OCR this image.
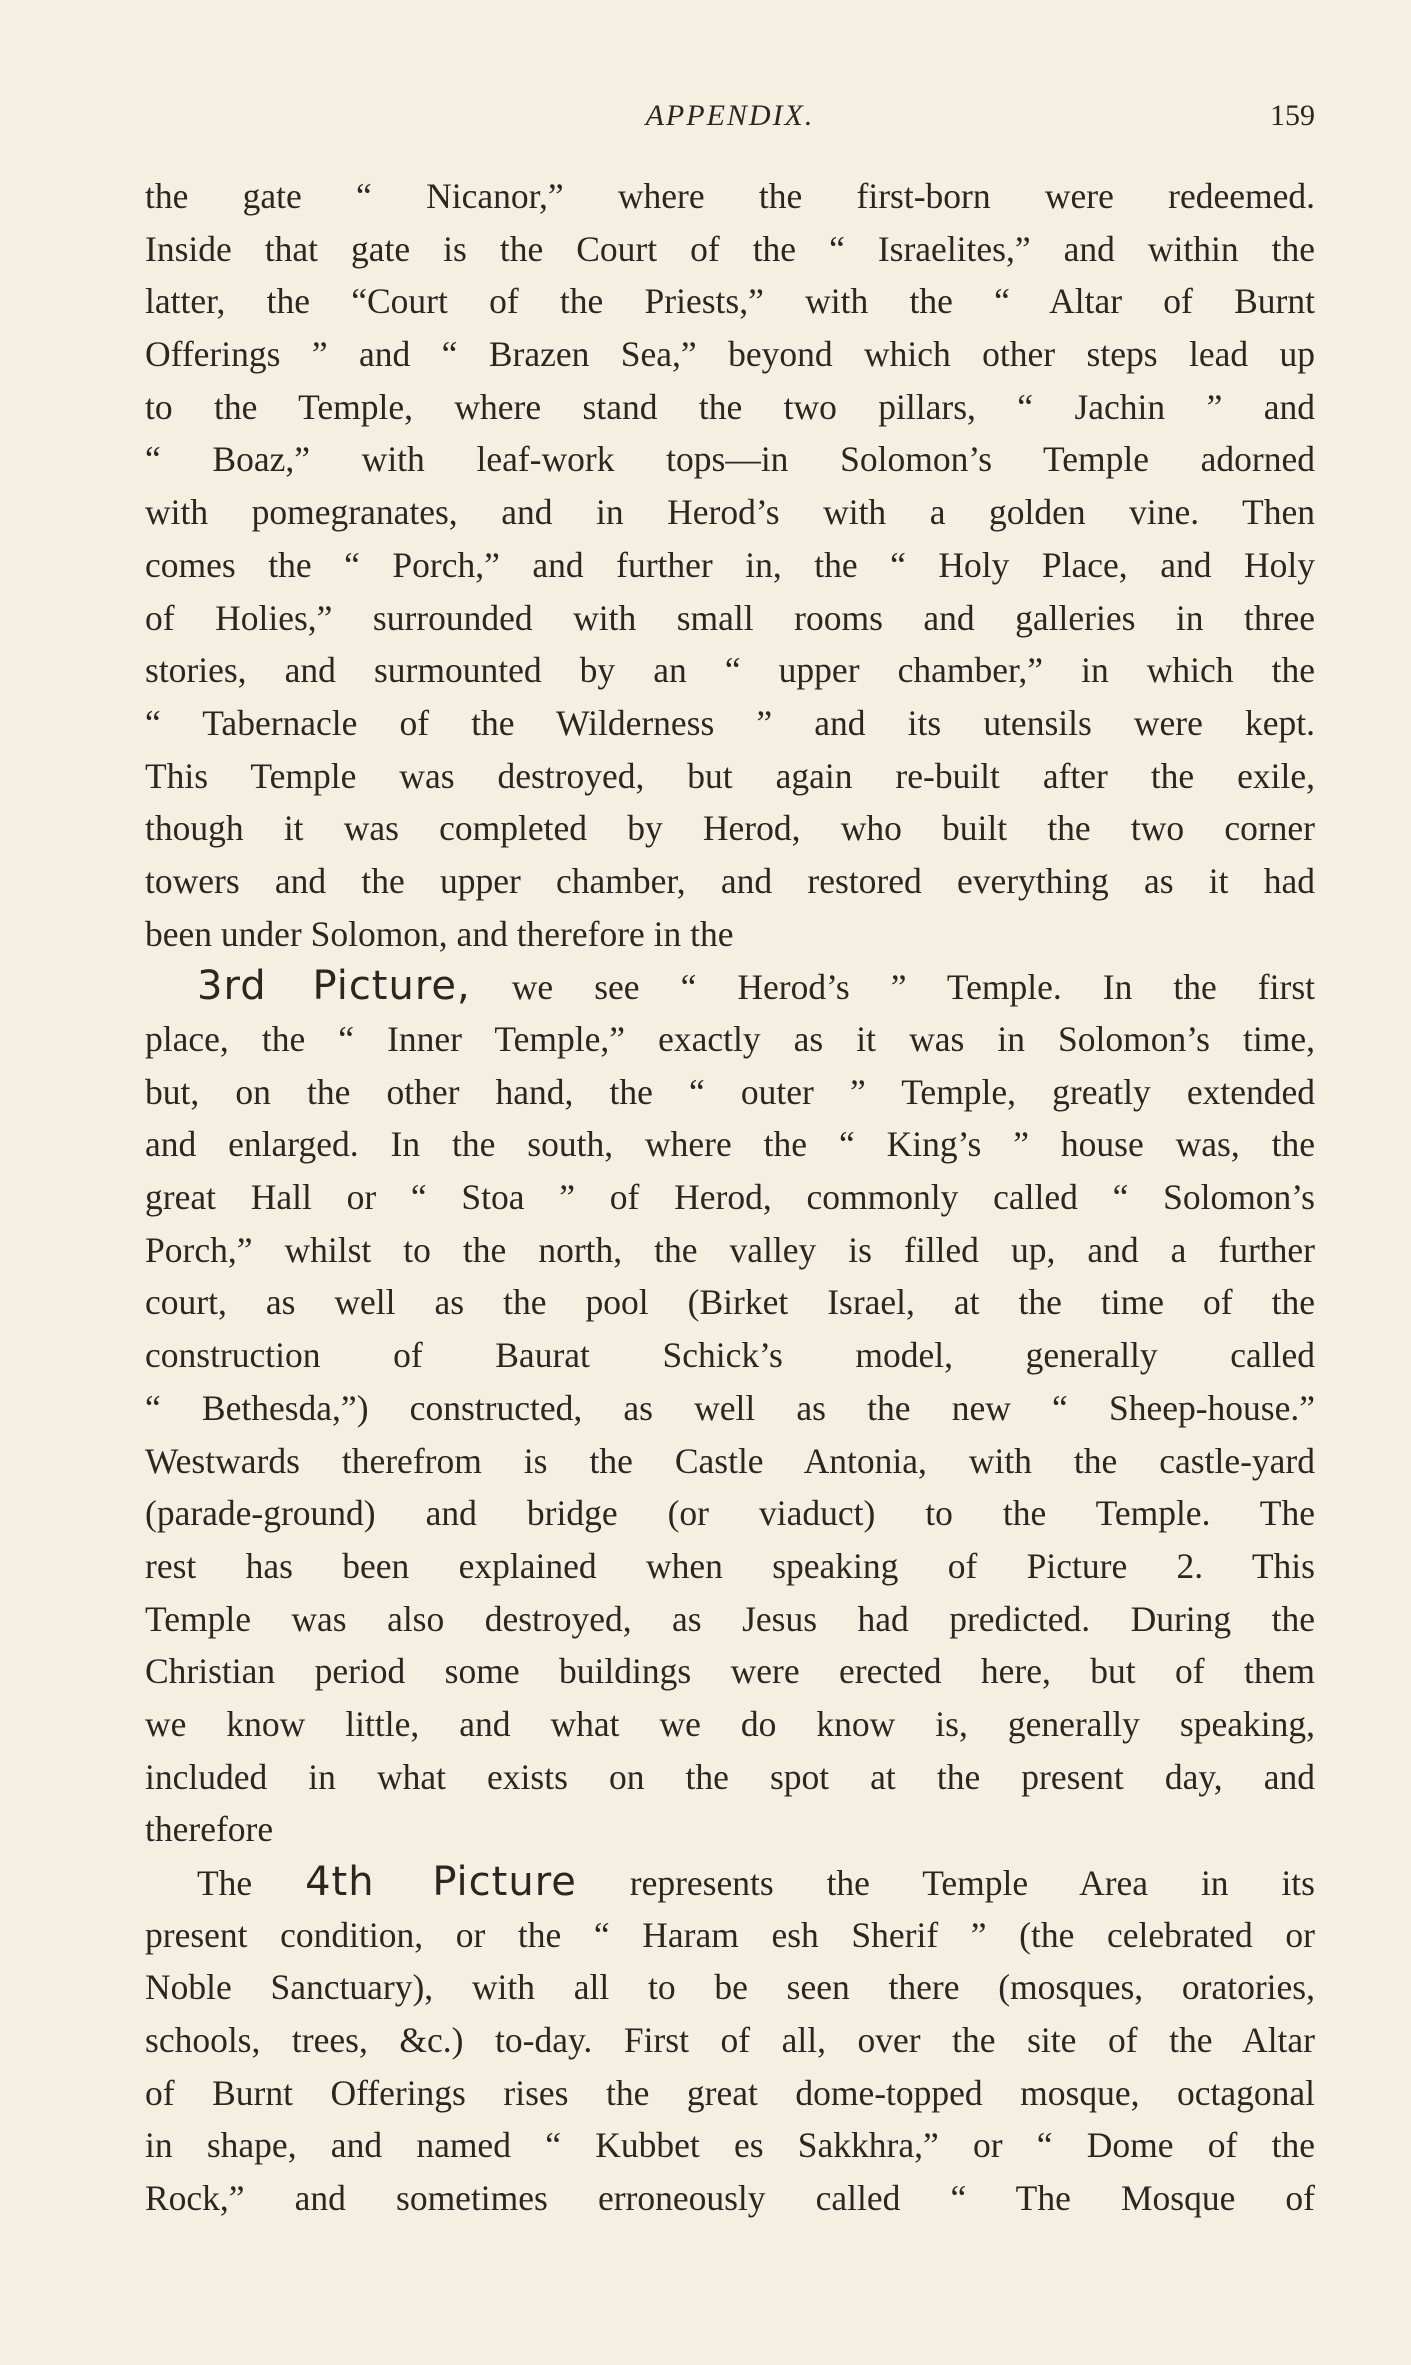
APPENDIX.	159
the gate “ Nicanor,” where the first-born were redeemed.
Inside that gate is the Court of the “ Israelites,” and within the
latter, the “Court of the Priests,” with the “ Altar of Burnt
Offerings ” and “ Brazen Sea,” beyond which other steps lead up
to the Temple, where stand the two pillars, “ Jachin ” and
“ Boaz,” with leaf-work tops—in Solomon’s Temple adorned
with pomegranates, and in Herod’s with a golden vine. Then
comes the “ Porch,” and further in, the “ Holy Place, and Holy
of Holies,” surrounded with small rooms and galleries in three
stories, and surmounted by an “ upper chamber,” in which the
“ Tabernacle of the Wilderness ” and its utensils were kept.
This Temple was destroyed, but again re-built after the exile,
though it was completed by Herod, who built the two corner
towers and the upper chamber, and restored everything as it had
been under Solomon, and therefore in the
3rd Picture, we see “ Herod’s ” Temple. In the first
place, the “ Inner Temple,” exactly as it was in Solomon’s time,
but, on the other hand, the “ outer ” Temple, greatly extended
and enlarged. In the south, where the “ King’s ” house was, the
great Hall or “ Stoa ” of Herod, commonly called “ Solomon’s
Porch,” whilst to the north, the valley is filled up, and a further
court, as well as the pool (Birket Israel, at the time of the
construction of Baurat Schick’s model, generally called
“ Bethesda,”) constructed, as well as the new “ Sheep-house.”
Westwards therefrom is the Castle Antonia, with the castle-yard
(parade-ground) and bridge (or viaduct) to the Temple. The
rest has been explained when speaking of Picture 2. This
Temple was also destroyed, as Jesus had predicted. During the
Christian period some buildings were erected here, but of them
we know little, and what we do know is, generally speaking,
included in what exists on the spot at the present day, and
therefore
The 4th Picture represents the Temple Area in its
present condition, or the “ Haram esh Sherif ” (the celebrated or
Noble Sanctuary), with all to be seen there (mosques, oratories,
schools, trees, &c.) to-day. First of all, over the site of the Altar
of Burnt Offerings rises the great dome-topped mosque, octagonal
in shape, and named “ Kubbet es Sakkhra,” or “ Dome of the
Rock,” and sometimes erroneously called “ The Mosque of
